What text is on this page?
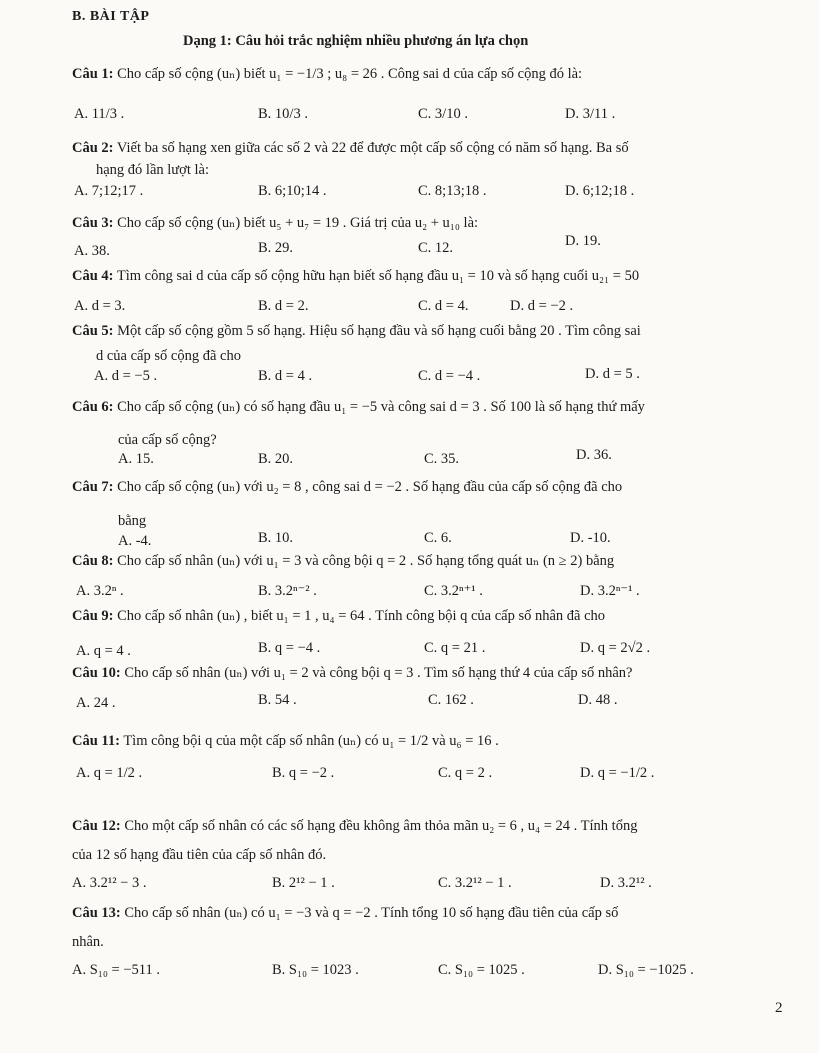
B. BÀI TẬP
Dạng 1: Câu hỏi trắc nghiệm nhiều phương án lựa chọn
Câu 1: Cho cấp số cộng (uₙ) biết u₁ = −1/3 ; u₈ = 26 . Công sai d của cấp số cộng đó là:
A. 11/3 .	B. 10/3 .	C. 3/10 .	D. 3/11 .
Câu 2: Viết ba số hạng xen giữa các số 2 và 22 để được một cấp số cộng có năm số hạng. Ba số
hạng đó lần lượt là:
A. 7;12;17 .	B. 6;10;14 .	C. 8;13;18 .	D. 6;12;18 .
Câu 3: Cho cấp số cộng (uₙ) biết u₅ + u₇ = 19 . Giá trị của u₂ + u₁₀ là:
A. 38.	B. 29.	C. 12.	D. 19.
Câu 4: Tìm công sai d của cấp số cộng hữu hạn biết số hạng đầu u₁ = 10 và số hạng cuối u₂₁ = 50
A. d = 3.	B. d = 2.	C. d = 4.	D. d = −2 .
Câu 5: Một cấp số cộng gồm 5 số hạng. Hiệu số hạng đầu và số hạng cuối bằng 20 . Tìm công sai
d của cấp số cộng đã cho
A. d = −5 .	B. d = 4 .	C. d = −4 .	D. d = 5 .
Câu 6: Cho cấp số cộng (uₙ) có số hạng đầu u₁ = −5 và công sai d = 3 . Số 100 là số hạng thứ mấy
của cấp số cộng?
A. 15.	B. 20.	C. 35.	D. 36.
Câu 7: Cho cấp số cộng (uₙ) với u₂ = 8 , công sai d = −2 . Số hạng đầu của cấp số cộng đã cho
bằng
A. -4.	B. 10.	C. 6.	D. -10.
Câu 8: Cho cấp số nhân (uₙ) với u₁ = 3 và công bội q = 2 . Số hạng tổng quát uₙ (n ≥ 2) bằng
A. 3.2ⁿ .	B. 3.2ⁿ⁻² .	C. 3.2ⁿ⁺¹ .	D. 3.2ⁿ⁻¹ .
Câu 9: Cho cấp số nhân (uₙ) , biết u₁ = 1 , u₄ = 64 . Tính công bội q của cấp số nhân đã cho
A. q = 4 .	B. q = −4 .	C. q = 21 .	D. q = 2√2 .
Câu 10: Cho cấp số nhân (uₙ) với u₁ = 2 và công bội q = 3 . Tìm số hạng thứ 4 của cấp số nhân?
A. 24 .	B. 54 .	C. 162 .	D. 48 .
Câu 11: Tìm công bội q của một cấp số nhân (uₙ) có u₁ = 1/2 và u₆ = 16 .
A. q = 1/2 .	B. q = −2 .	C. q = 2 .	D. q = −1/2 .
Câu 12: Cho một cấp số nhân có các số hạng đều không âm thỏa mãn u₂ = 6 , u₄ = 24 . Tính tổng
của 12 số hạng đầu tiên của cấp số nhân đó.
A. 3.2¹² − 3 .	B. 2¹² − 1 .	C. 3.2¹² − 1 .	D. 3.2¹² .
Câu 13: Cho cấp số nhân (uₙ) có u₁ = −3 và q = −2 . Tính tổng 10 số hạng đầu tiên của cấp số
nhân.
A. S₁₀ = −511 .	B. S₁₀ = 1023 .	C. S₁₀ = 1025 .	D. S₁₀ = −1025 .
2
